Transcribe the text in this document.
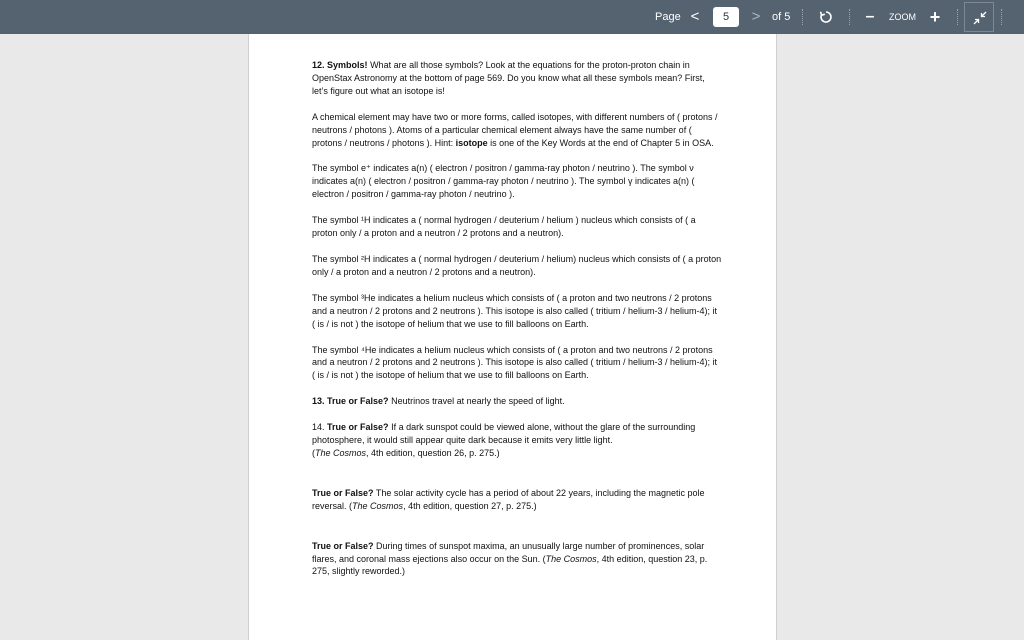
Page <
5	> of 5	–	ZOOM +

12. Symbols! What are all those symbols? Look at the equations for the proton-proton chain in OpenStax Astronomy at the bottom of page 569. Do you know what all these symbols mean? First, let’s figure out what an isotope is!

A chemical element may have two or more forms, called isotopes, with different numbers of ( protons / neutrons / photons ). Atoms of a particular chemical element always have the same number of ( protons / neutrons / photons ). Hint: isotope is one of the Key Words at the end of Chapter 5 in OSA.

The symbol e⁺ indicates a(n) ( electron / positron / gamma-ray photon / neutrino ). The symbol ν indicates a(n) ( electron / positron / gamma-ray photon / neutrino ). The symbol γ indicates a(n) ( electron / positron / gamma-ray photon / neutrino ).

The symbol ¹H indicates a ( normal hydrogen / deuterium / helium ) nucleus which consists of ( a proton only / a proton and a neutron / 2 protons and a neutron).

The symbol ²H indicates a ( normal hydrogen / deuterium / helium) nucleus which consists of ( a proton only / a proton and a neutron / 2 protons and a neutron).

The symbol ³He indicates a helium nucleus which consists of ( a proton and two neutrons / 2 protons and a neutron / 2 protons and 2 neutrons ). This isotope is also called ( tritium / helium-3 / helium-4); it ( is / is not ) the isotope of helium that we use to fill balloons on Earth.

The symbol ⁴He indicates a helium nucleus which consists of ( a proton and two neutrons / 2 protons and a neutron / 2 protons and 2 neutrons ). This isotope is also called ( tritium / helium-3 / helium-4); it ( is / is not ) the isotope of helium that we use to fill balloons on Earth.

13. True or False? Neutrinos travel at nearly the speed of light.

14. True or False? If a dark sunspot could be viewed alone, without the glare of the surrounding photosphere, it would still appear quite dark because it emits very little light.
(The Cosmos, 4th edition, question 26, p. 275.)

True or False? The solar activity cycle has a period of about 22 years, including the magnetic pole reversal. (The Cosmos, 4th edition, question 27, p. 275.)

True or False? During times of sunspot maxima, an unusually large number of prominences, solar flares, and coronal mass ejections also occur on the Sun. (The Cosmos, 4th edition, question 23, p. 275, slightly reworded.)
